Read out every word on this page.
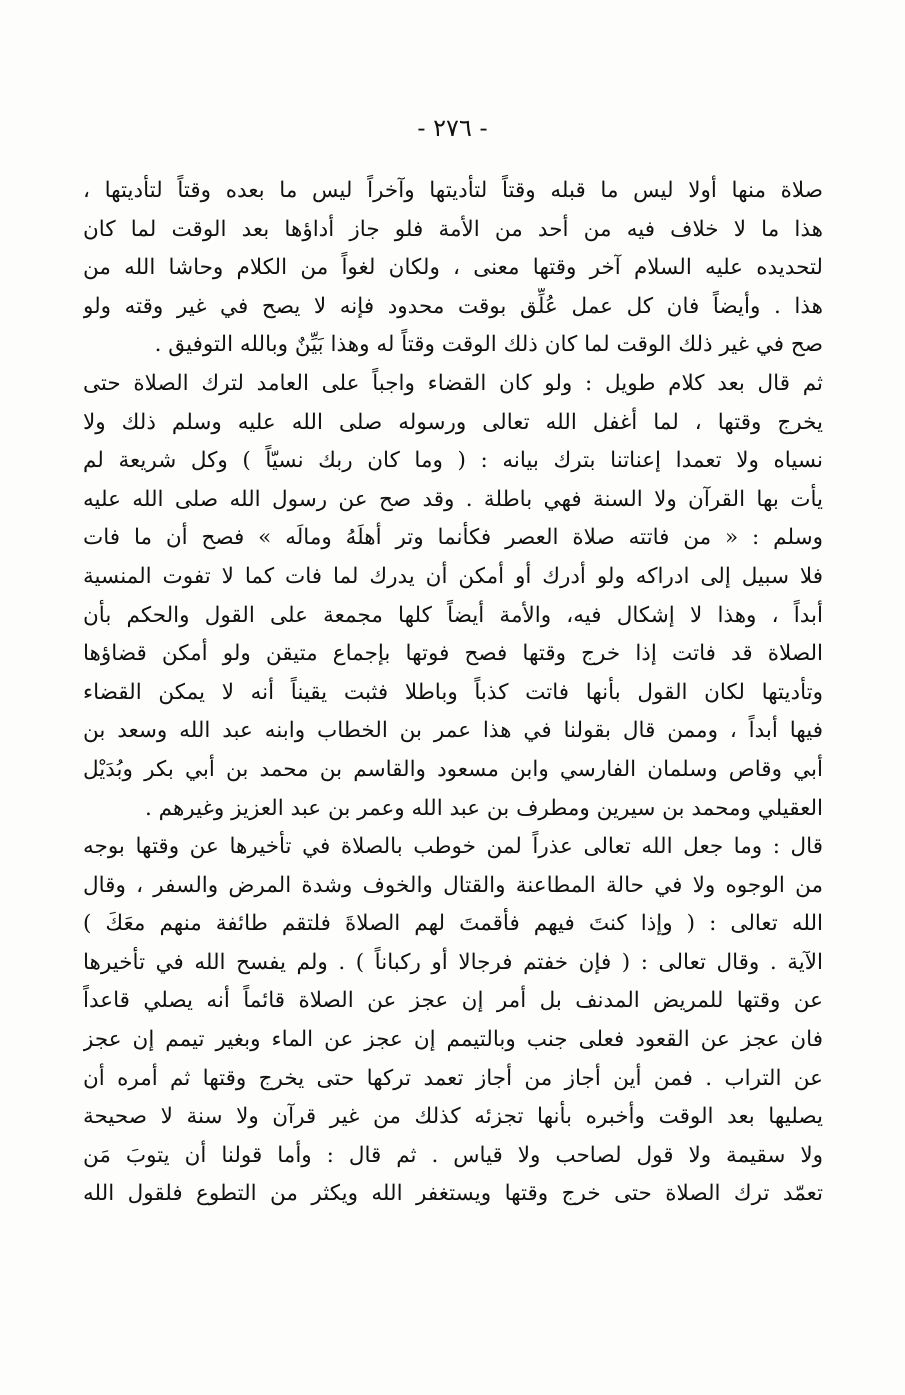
- ٢٧٦ -
صلاة منها أولا ليس ما قبله وقتاً لتأديتها وآخراً ليس ما بعده وقتاً لتأديتها ،
هذا ما لا خلاف فيه من أحد من الأمة فلو جاز أداؤها بعد الوقت لما كان
لتحديده عليه السلام آخر وقتها معنى ، ولكان لغواً من الكلام وحاشا الله من
هذا . وأيضاً فان كل عمل عُلِّق بوقت محدود فإنه لا يصح في غير وقته ولو
صح في غير ذلك الوقت لما كان ذلك الوقت وقتاً له وهذا بَيِّنٌ وبالله التوفيق .
ثم قال بعد كلام طويل : ولو كان القضاء واجباً على العامد لترك الصلاة حتى
يخرج وقتها ، لما أغفل الله تعالى ورسوله صلى الله عليه وسلم ذلك ولا
نسياه ولا تعمدا إعناتنا بترك بيانه : ( وما كان ربك نسيّاً ) وكل شريعة لم
يأت بها القرآن ولا السنة فهي باطلة . وقد صح عن رسول الله صلى الله عليه
وسلم : « من فاتته صلاة العصر فكأنما وتر أهلَهُ ومالَه » فصح أن ما فات
فلا سبيل إلى ادراكه ولو أدرك أو أمكن أن يدرك لما فات كما لا تفوت المنسية
أبداً ، وهذا لا إشكال فيه، والأمة أيضاً كلها مجمعة على القول والحكم بأن
الصلاة قد فاتت إذا خرج وقتها فصح فوتها بإجماع متيقن ولو أمكن قضاؤها
وتأديتها لكان القول بأنها فاتت كذباً وباطلا فثبت يقيناً أنه لا يمكن القضاء
فيها أبداً ، وممن قال بقولنا في هذا عمر بن الخطاب وابنه عبد الله وسعد بن
أبي وقاص وسلمان الفارسي وابن مسعود والقاسم بن محمد بن أبي بكر وبُدَيْل
العقيلي ومحمد بن سيرين ومطرف بن عبد الله وعمر بن عبد العزيز وغيرهم .
قال : وما جعل الله تعالى عذراً لمن خوطب بالصلاة في تأخيرها عن وقتها بوجه
من الوجوه ولا في حالة المطاعنة والقتال والخوف وشدة المرض والسفر ، وقال
الله تعالى : ( وإذا كنتَ فيهم فأقمتَ لهم الصلاةَ فلتقم طائفة منهم معَكَ )
الآية . وقال تعالى : ( فإن خفتم فرجالا أو ركباناً ) . ولم يفسح الله في تأخيرها
عن وقتها للمريض المدنف بل أمر إن عجز عن الصلاة قائماً أنه يصلي قاعداً
فان عجز عن القعود فعلى جنب وبالتيمم إن عجز عن الماء وبغير تيمم إن عجز
عن التراب . فمن أين أجاز من أجاز تعمد تركها حتى يخرج وقتها ثم أمره أن
يصليها بعد الوقت وأخبره بأنها تجزئه كذلك من غير قرآن ولا سنة لا صحيحة
ولا سقيمة ولا قول لصاحب ولا قياس . ثم قال : وأما قولنا أن يتوبَ مَن
تعمّد ترك الصلاة حتى خرج وقتها ويستغفر الله ويكثر من التطوع فلقول الله
